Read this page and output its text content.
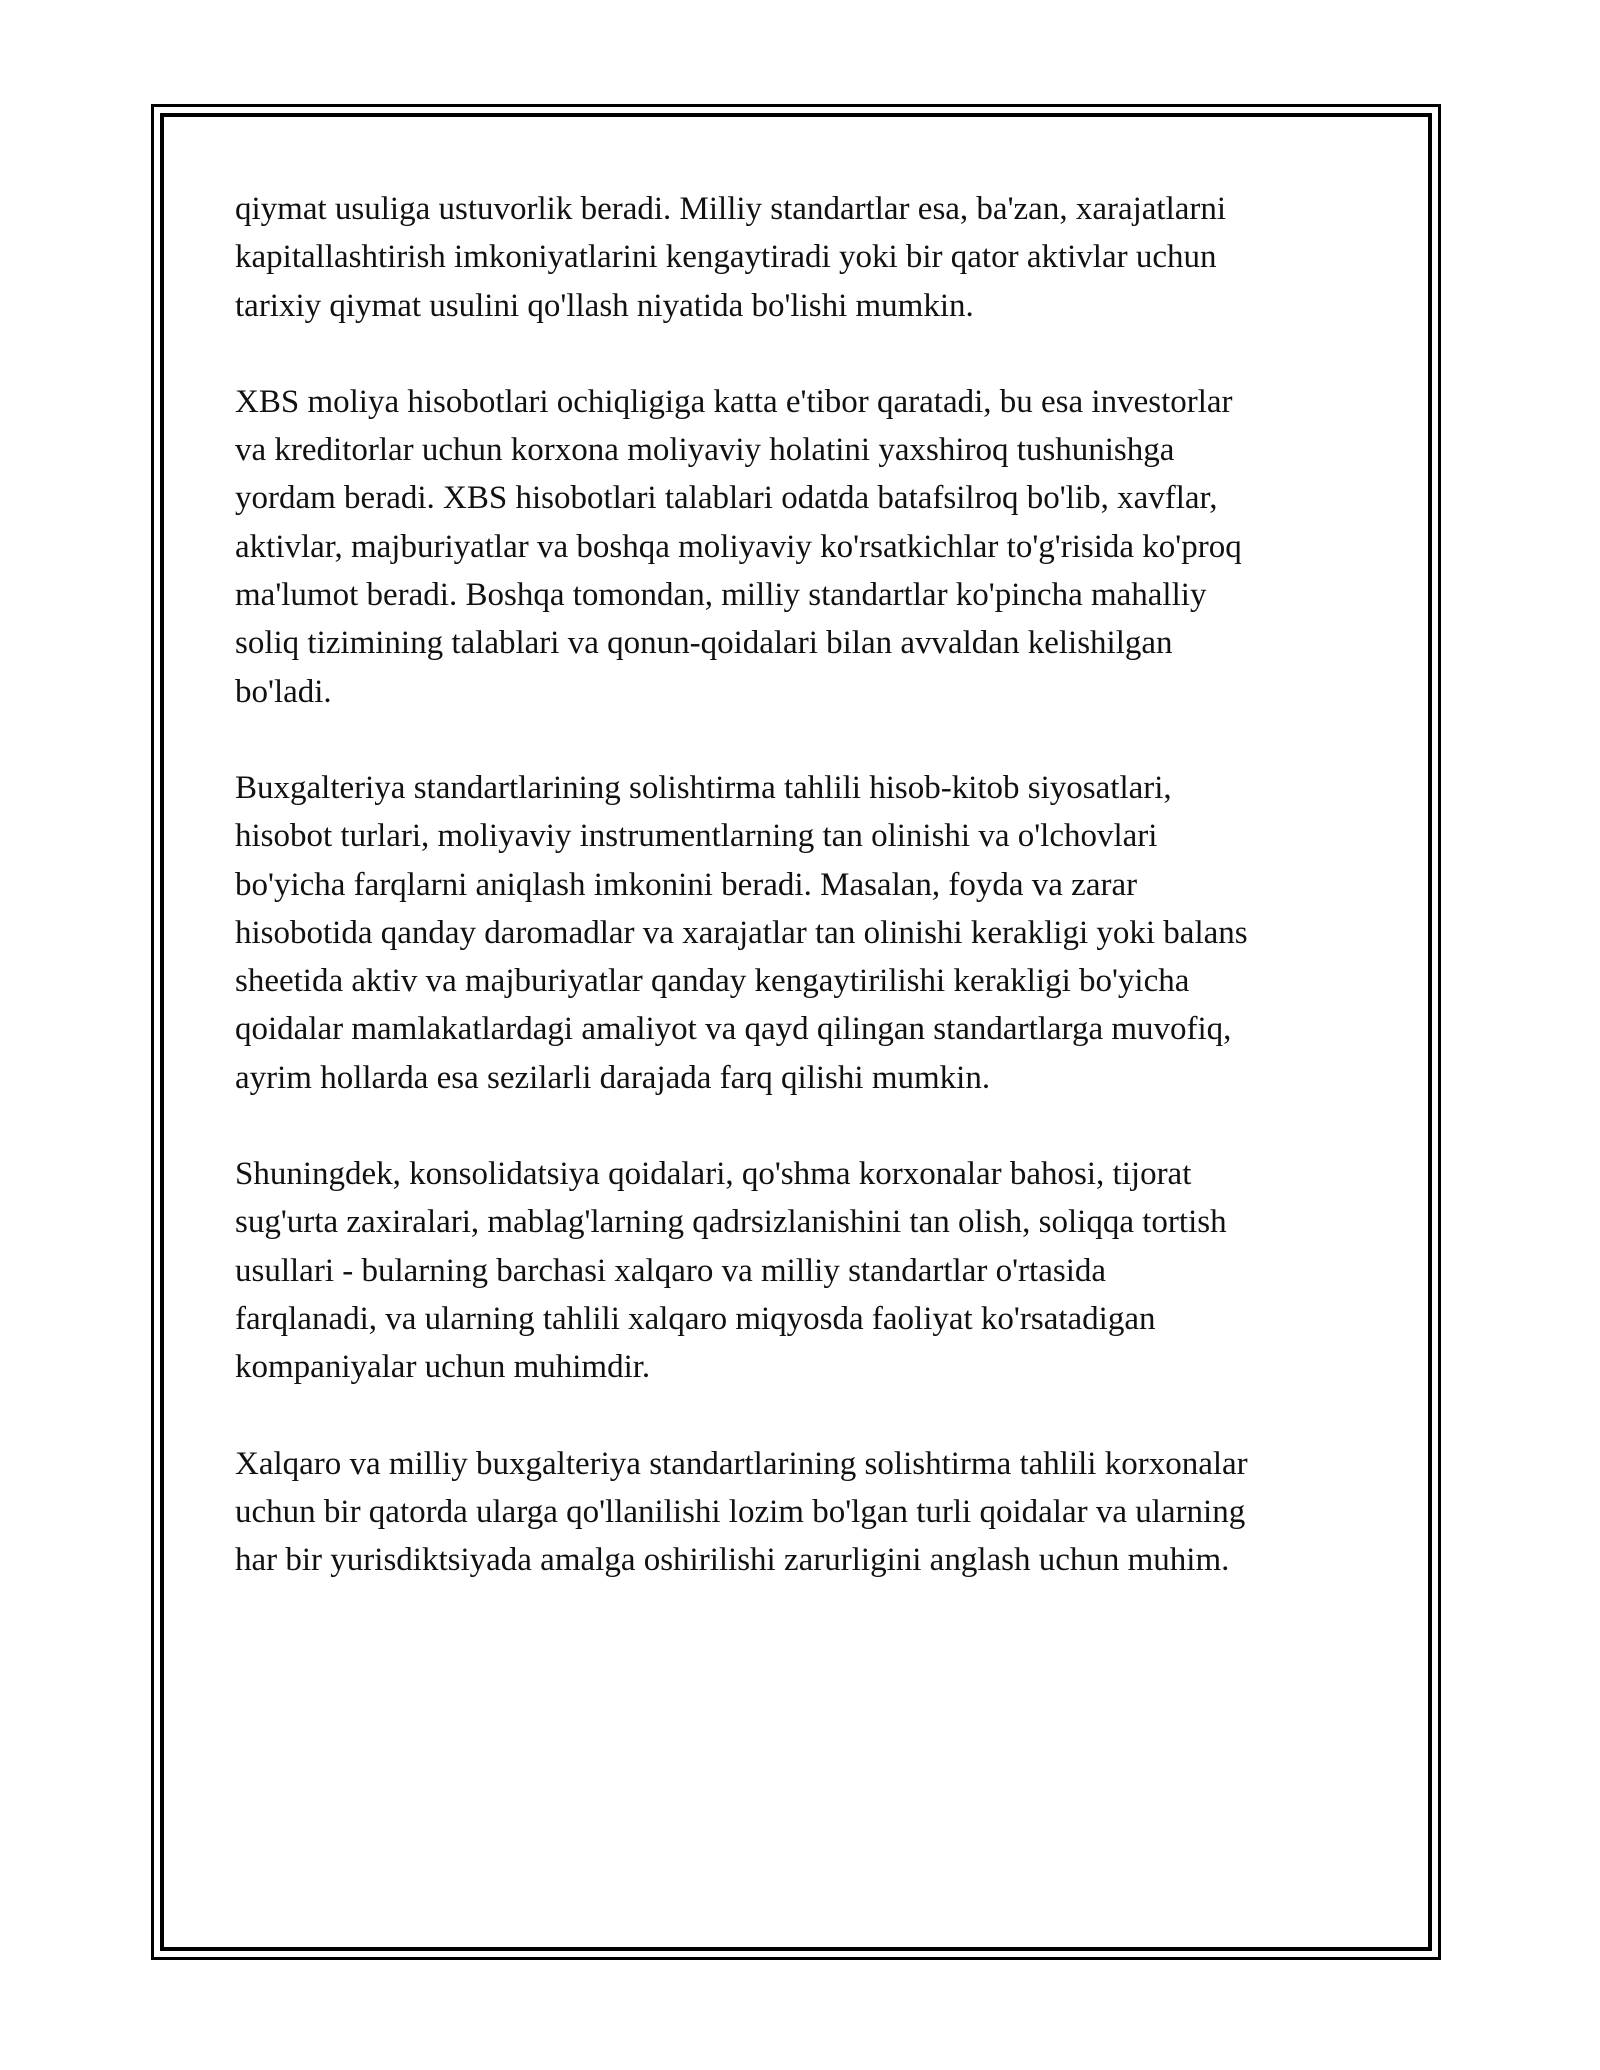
qiymat usuliga ustuvorlik beradi. Milliy standartlar esa, ba'zan, xarajatlarni
kapitallashtirish imkoniyatlarini kengaytiradi yoki bir qator aktivlar uchun
tarixiy qiymat usulini qo'llash niyatida bo'lishi mumkin.

XBS moliya hisobotlari ochiqligiga katta e'tibor qaratadi, bu esa investorlar
va kreditorlar uchun korxona moliyaviy holatini yaxshiroq tushunishga
yordam beradi. XBS hisobotlari talablari odatda batafsilroq bo'lib, xavflar,
aktivlar, majburiyatlar va boshqa moliyaviy ko'rsatkichlar to'g'risida ko'proq
ma'lumot beradi. Boshqa tomondan, milliy standartlar ko'pincha mahalliy
soliq tizimining talablari va qonun-qoidalari bilan avvaldan kelishilgan
bo'ladi.

Buxgalteriya standartlarining solishtirma tahlili hisob-kitob siyosatlari,
hisobot turlari, moliyaviy instrumentlarning tan olinishi va o'lchovlari
bo'yicha farqlarni aniqlash imkonini beradi. Masalan, foyda va zarar
hisobotida qanday daromadlar va xarajatlar tan olinishi kerakligi yoki balans
sheetida aktiv va majburiyatlar qanday kengaytirilishi kerakligi bo'yicha
qoidalar mamlakatlardagi amaliyot va qayd qilingan standartlarga muvofiq,
ayrim hollarda esa sezilarli darajada farq qilishi mumkin.

Shuningdek, konsolidatsiya qoidalari, qo'shma korxonalar bahosi, tijorat
sug'urta zaxiralari, mablag'larning qadrsizlanishini tan olish, soliqqa tortish
usullari - bularning barchasi xalqaro va milliy standartlar o'rtasida
farqlanadi, va ularning tahlili xalqaro miqyosda faoliyat ko'rsatadigan
kompaniyalar uchun muhimdir.

Xalqaro va milliy buxgalteriya standartlarining solishtirma tahlili korxonalar
uchun bir qatorda ularga qo'llanilishi lozim bo'lgan turli qoidalar va ularning
har bir yurisdiktsiyada amalga oshirilishi zarurligini anglash uchun muhim.
